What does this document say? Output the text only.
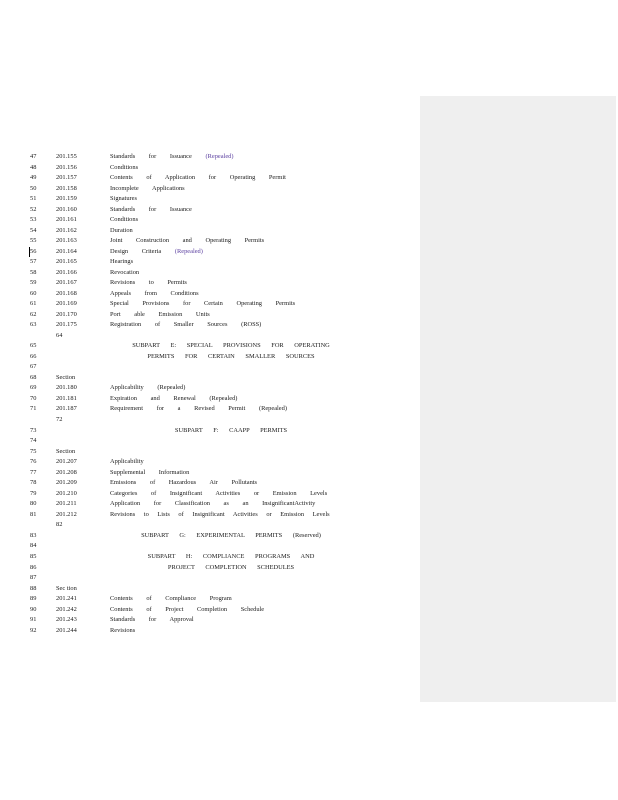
47	201.155	Standards for Issuance (Repealed)
48	201.156	Conditions
49	201.157	Contents of Application for Operating Permit
50	201.158	Incomplete Applications
51	201.159	Signatures
52	201.160	Standards for Issuance
53	201.161	Conditions
54	201.162	Duration
55	201.163	Joint Construction and Operating Permits
56	201.164	Design Criteria (Repealed)
57	201.165	Hearings
58	201.166	Revocation
59	201.167	Revisions to Permits
60	201.168	Appeals from Conditions
61	201.169	Special Provisions for Certain Operating Permits
62	201.170	Port able Emission Units
63	201.175	Registration of Smaller Sources (ROSS)
64
65	SUBPART E: SPECIAL PROVISIONS FOR OPERATING
66	PERMITS FOR CERTAIN SMALLER SOURCES
67
68	Section
69	201.180	Applicability (Repealed)
70	201.181	Expiration and Renewal (Repealed)
71	201.187	Requirement for a Revised Permit (Repealed)
72
73	SUBPART F: CAAPP PERMITS
74
75	Section
76	201.207	Applicability
77	201.208	Supplemental Information
78	201.209	Emissions of Hazardous Air Pollutants
79	201.210	Categories of Insignificant Activities or Emission Levels
80	201.211	Application for Classification as an InsignificantActivity
81	201.212	Revisions to Lists of Insignificant Activities or Emission Levels
82
83	SUBPART G: EXPERIMENTAL PERMITS (Reserved)
84
85	SUBPART H: COMPLIANCE PROGRAMS AND
86	PROJECT COMPLETION SCHEDULES
87
88	Sec tion
89	201.241	Contents of Compliance Program
90	201.242	Contents of Project Completion Schedule
91	201.243	Standards for Approval
92	201.244	Revisions
